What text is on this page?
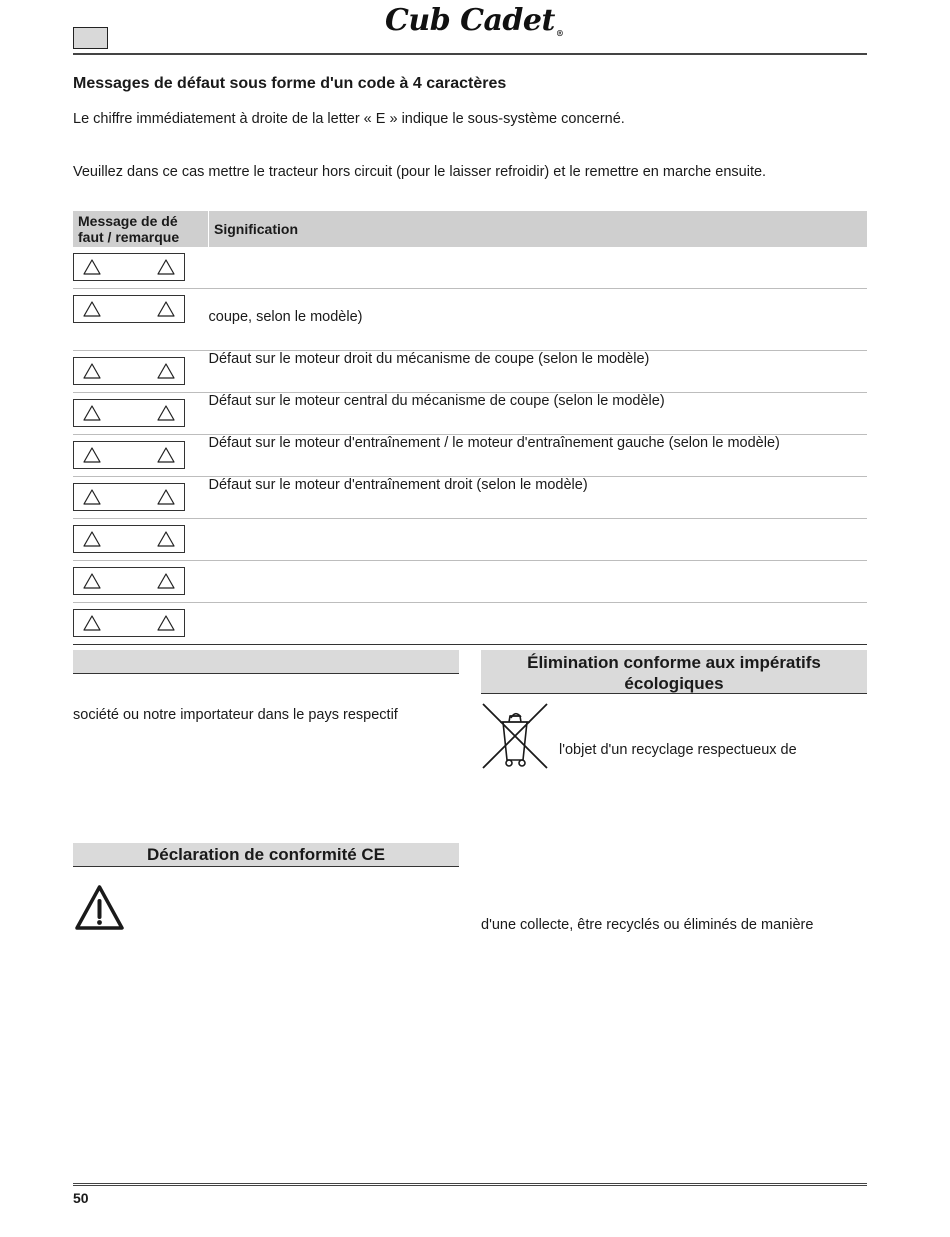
Cub Cadet®
Messages de défaut sous forme d'un code à 4 caractères
Le chiffre immédiatement à droite de la letter « E » indique le sous-système concerné.
Veuillez dans ce cas mettre le tracteur hors circuit (pour le laisser refroidir) et le remettre en marche ensuite.
Message de dé
faut / remarque	Signification

	coupe, selon le modèle)

	Défaut sur le moteur droit du mécanisme de coupe (selon le modèle)

	Défaut sur le moteur central du mécanisme de coupe (selon le modèle)

	Défaut sur le moteur d'entraînement / le moteur d'entraînement gauche (selon le modèle)

	Défaut sur le moteur d'entraînement droit (selon le modèle)

société ou notre importateur dans le pays respectif
Élimination conforme aux impératifs écologiques
l'objet d'un recyclage respectueux de
d'une collecte, être recyclés ou éliminés de manière
Déclaration de conformité CE
50
